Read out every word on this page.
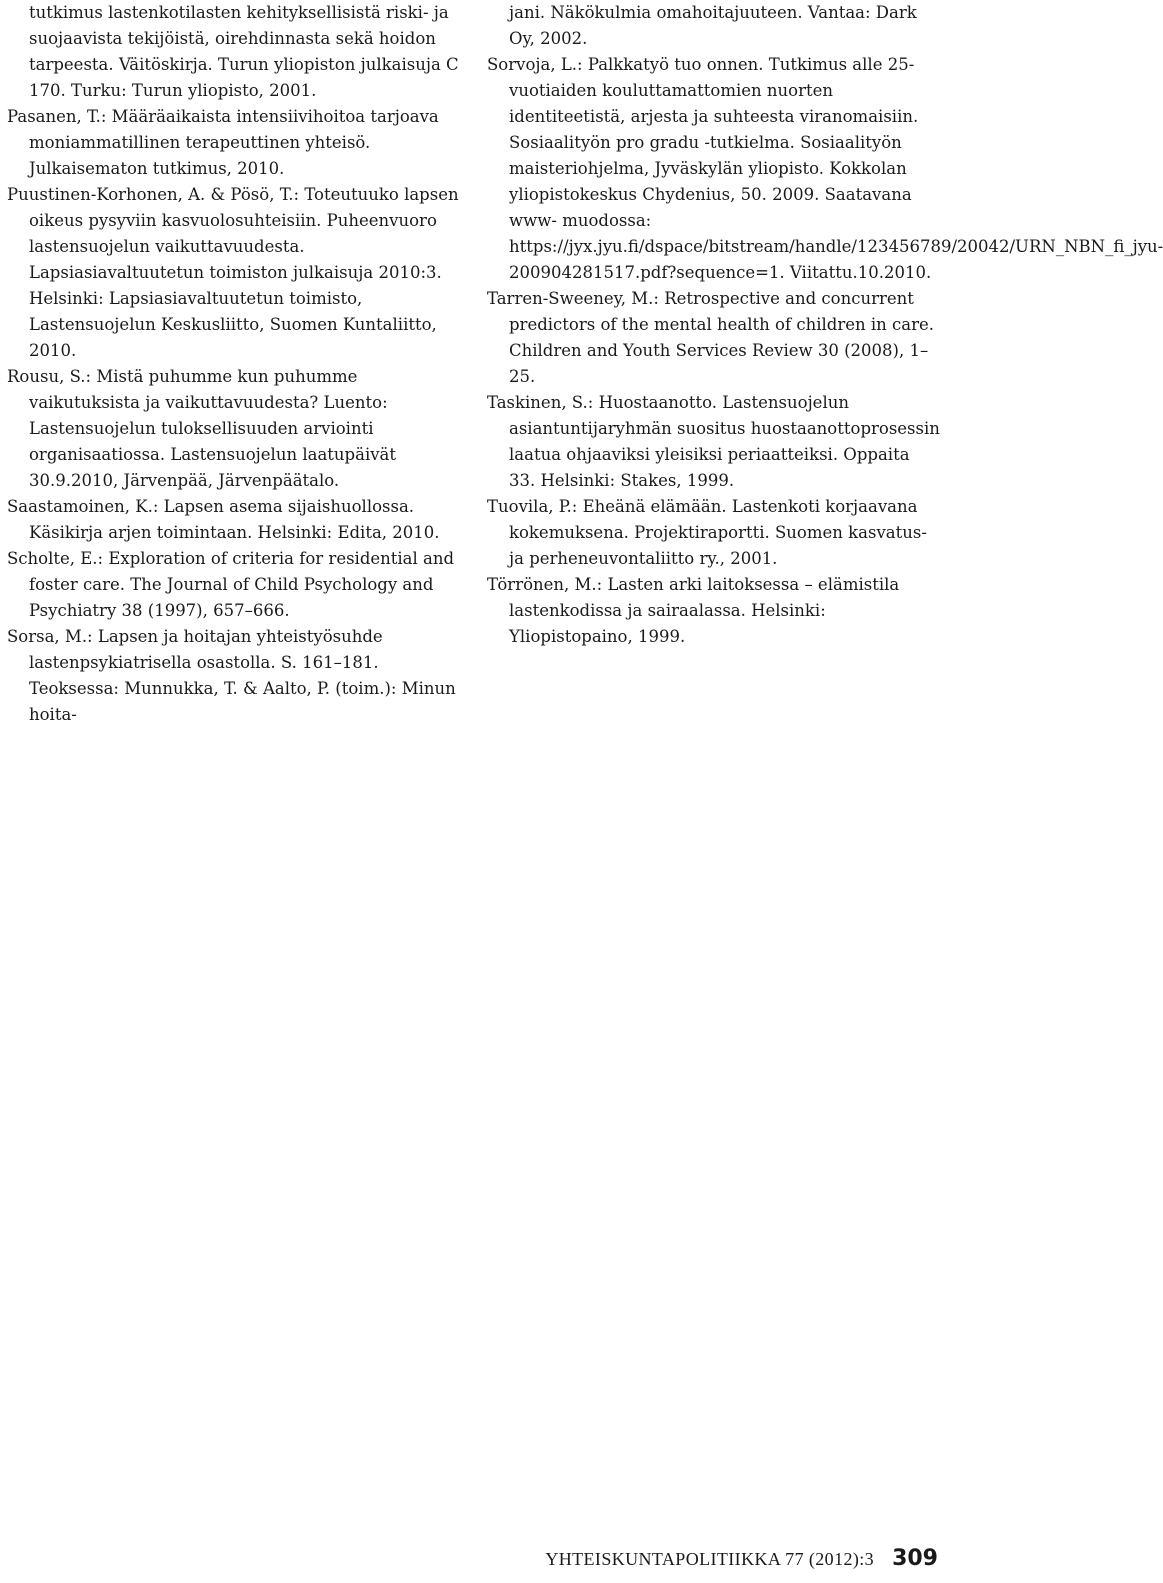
tutkimus lastenkotilasten kehityksellisistä riski- ja suojaavista tekijöistä, oirehdinnasta sekä hoidon tarpeesta. Väitöskirja. Turun yliopiston julkaisuja C 170. Turku: Turun yliopisto, 2001.

Pasanen, T.: Määräaikaista intensiivihoitoa tarjoava moniammatillinen terapeuttinen yhteisö. Julkaisematon tutkimus, 2010.

Puustinen-Korhonen, A. & Pösö, T.: Toteutuuko lapsen oikeus pysyviin kasvuolosuhteisiin. Puheenvuoro lastensuojelun vaikuttavuudesta. Lapsiasiavaltuutetun toimiston julkaisuja 2010:3. Helsinki: Lapsiasiavaltuutetun toimisto, Lastensuojelun Keskusliitto, Suomen Kuntaliitto, 2010.

Rousu, S.: Mistä puhumme kun puhumme vaikutuksista ja vaikuttavuudesta? Luento: Lastensuojelun tuloksellisuuden arviointi organisaatiossa. Lastensuojelun laatupäivät 30.9.2010, Järvenpää, Järvenpäätalo.

Saastamoinen, K.: Lapsen asema sijaishuollossa. Käsikirja arjen toimintaan. Helsinki: Edita, 2010.

Scholte, E.: Exploration of criteria for residential and foster care. The Journal of Child Psychology and Psychiatry 38 (1997), 657–666.

Sorsa, M.: Lapsen ja hoitajan yhteistyösuhde lastenpsykiatrisella osastolla. S. 161–181. Teoksessa: Munnukka, T. & Aalto, P. (toim.): Minun hoita-

jani. Näkökulmia omahoitajuuteen. Vantaa: Dark Oy, 2002.

Sorvoja, L.: Palkkatyö tuo onnen. Tutkimus alle 25-vuotiaiden kouluttamattomien nuorten identiteetistä, arjesta ja suhteesta viranomaisiin. Sosiaalityön pro gradu -tutkielma. Sosiaalityön maisteriohjelma, Jyväskylän yliopisto. Kokkolan yliopistokeskus Chydenius, 50. 2009. Saatavana www- muodossa: https://jyx.jyu.fi/dspace/bitstream/handle/123456789/20042/URN_NBN_fi_jyu-200904281517.pdf?sequence=1. Viitattu.10.2010.

Tarren-Sweeney, M.: Retrospective and concurrent predictors of the mental health of children in care. Children and Youth Services Review 30 (2008), 1–25.

Taskinen, S.: Huostaanotto. Lastensuojelun asiantuntijaryhmän suositus huostaanottoprosessin laatua ohjaaviksi yleisiksi periaatteiksi. Oppaita 33. Helsinki: Stakes, 1999.

Tuovila, P.: Eheänä elämään. Lastenkoti korjaavana kokemuksena. Projektiraportti. Suomen kasvatus- ja perheneuvontaliitto ry., 2001.

Törrönen, M.: Lasten arki laitoksessa – elämistila lastenkodissa ja sairaalassa. Helsinki: Yliopistopaino, 1999.

YHTEISKUNTAPOLITIIKKA 77 (2012):3 309
